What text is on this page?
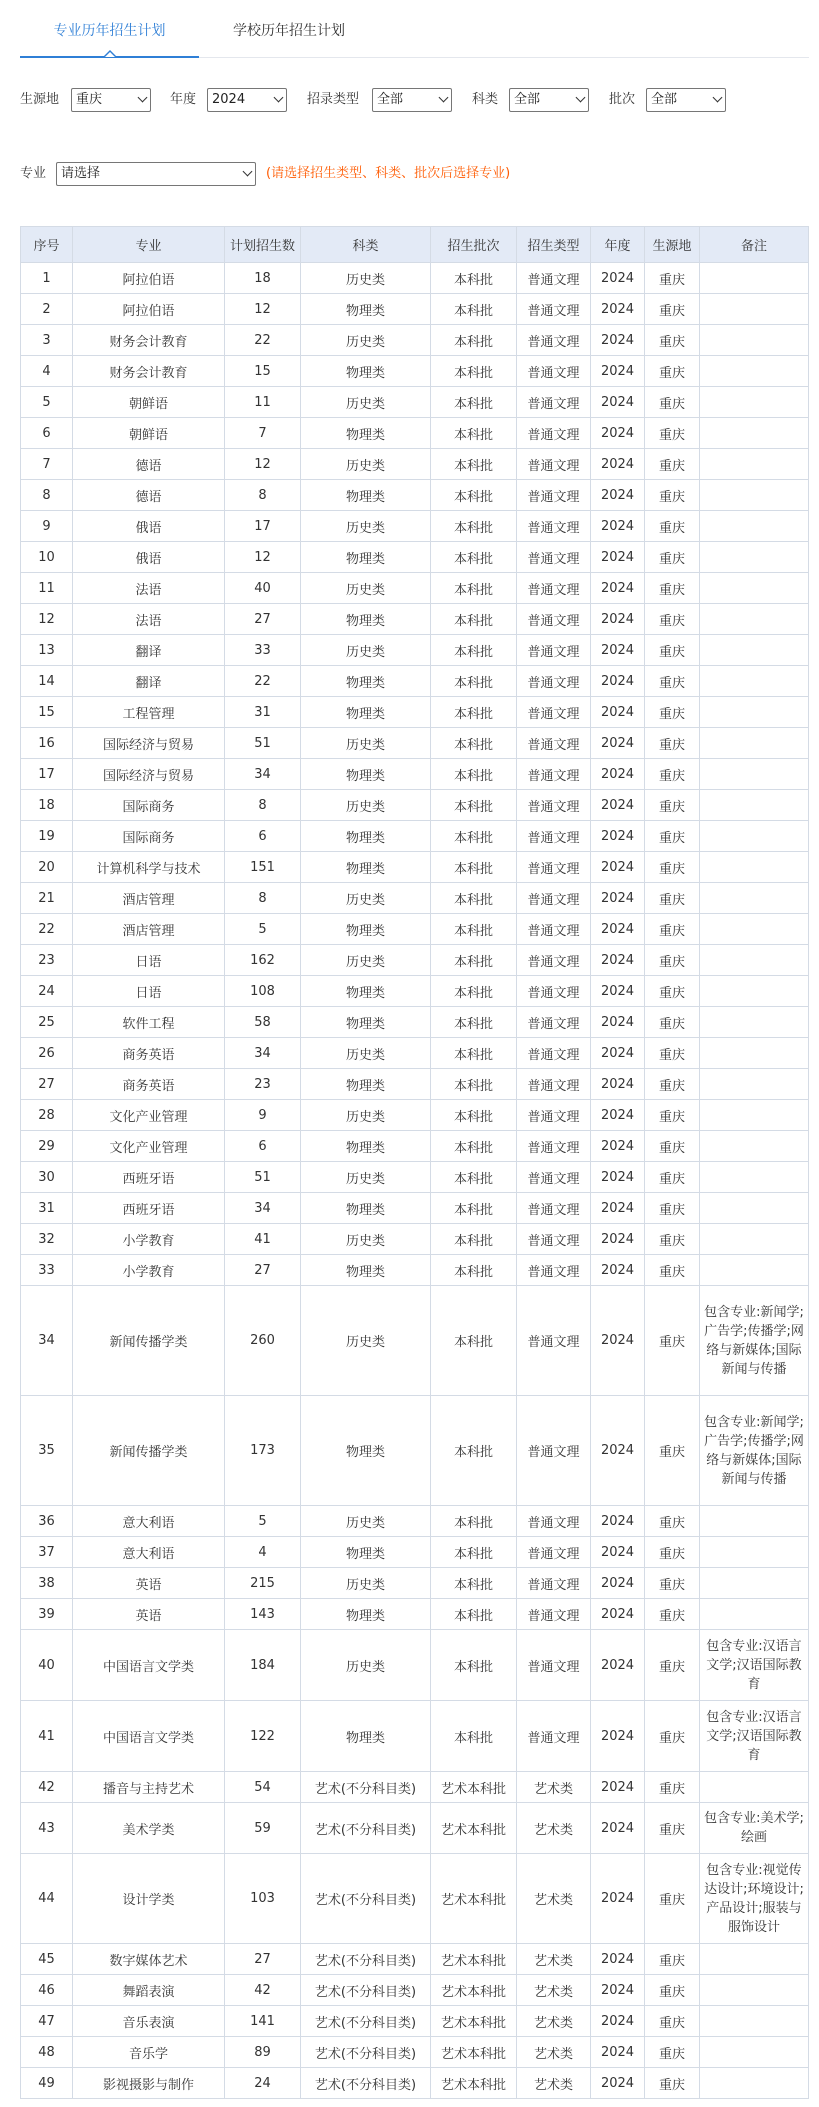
专业历年招生计划	学校历年招生计划
生源地	重庆	年度	2024	招录类型	全部	科类	全部	批次	全部
专业	请选择	(请选择招生类型、科类、批次后选择专业)
序号	专业	计划招生数	科类	招生批次	招生类型	年度	生源地	备注
1	阿拉伯语	18	历史类	本科批	普通文理	2024	重庆	
2	阿拉伯语	12	物理类	本科批	普通文理	2024	重庆	
3	财务会计教育	22	历史类	本科批	普通文理	2024	重庆	
4	财务会计教育	15	物理类	本科批	普通文理	2024	重庆	
5	朝鲜语	11	历史类	本科批	普通文理	2024	重庆	
6	朝鲜语	7	物理类	本科批	普通文理	2024	重庆	
7	德语	12	历史类	本科批	普通文理	2024	重庆	
8	德语	8	物理类	本科批	普通文理	2024	重庆	
9	俄语	17	历史类	本科批	普通文理	2024	重庆	
10	俄语	12	物理类	本科批	普通文理	2024	重庆	
11	法语	40	历史类	本科批	普通文理	2024	重庆	
12	法语	27	物理类	本科批	普通文理	2024	重庆	
13	翻译	33	历史类	本科批	普通文理	2024	重庆	
14	翻译	22	物理类	本科批	普通文理	2024	重庆	
15	工程管理	31	物理类	本科批	普通文理	2024	重庆	
16	国际经济与贸易	51	历史类	本科批	普通文理	2024	重庆	
17	国际经济与贸易	34	物理类	本科批	普通文理	2024	重庆	
18	国际商务	8	历史类	本科批	普通文理	2024	重庆	
19	国际商务	6	物理类	本科批	普通文理	2024	重庆	
20	计算机科学与技术	151	物理类	本科批	普通文理	2024	重庆	
21	酒店管理	8	历史类	本科批	普通文理	2024	重庆	
22	酒店管理	5	物理类	本科批	普通文理	2024	重庆	
23	日语	162	历史类	本科批	普通文理	2024	重庆	
24	日语	108	物理类	本科批	普通文理	2024	重庆	
25	软件工程	58	物理类	本科批	普通文理	2024	重庆	
26	商务英语	34	历史类	本科批	普通文理	2024	重庆	
27	商务英语	23	物理类	本科批	普通文理	2024	重庆	
28	文化产业管理	9	历史类	本科批	普通文理	2024	重庆	
29	文化产业管理	6	物理类	本科批	普通文理	2024	重庆	
30	西班牙语	51	历史类	本科批	普通文理	2024	重庆	
31	西班牙语	34	物理类	本科批	普通文理	2024	重庆	
32	小学教育	41	历史类	本科批	普通文理	2024	重庆	
33	小学教育	27	物理类	本科批	普通文理	2024	重庆	
34	新闻传播学类	260	历史类	本科批	普通文理	2024	重庆	包含专业:新闻学;广告学;传播学;网络与新媒体;国际新闻与传播
35	新闻传播学类	173	物理类	本科批	普通文理	2024	重庆	包含专业:新闻学;广告学;传播学;网络与新媒体;国际新闻与传播
36	意大利语	5	历史类	本科批	普通文理	2024	重庆	
37	意大利语	4	物理类	本科批	普通文理	2024	重庆	
38	英语	215	历史类	本科批	普通文理	2024	重庆	
39	英语	143	物理类	本科批	普通文理	2024	重庆	
40	中国语言文学类	184	历史类	本科批	普通文理	2024	重庆	包含专业:汉语言文学;汉语国际教育
41	中国语言文学类	122	物理类	本科批	普通文理	2024	重庆	包含专业:汉语言文学;汉语国际教育
42	播音与主持艺术	54	艺术(不分科目类)	艺术本科批	艺术类	2024	重庆	
43	美术学类	59	艺术(不分科目类)	艺术本科批	艺术类	2024	重庆	包含专业:美术学;绘画
44	设计学类	103	艺术(不分科目类)	艺术本科批	艺术类	2024	重庆	包含专业:视觉传达设计;环境设计;产品设计;服装与服饰设计
45	数字媒体艺术	27	艺术(不分科目类)	艺术本科批	艺术类	2024	重庆	
46	舞蹈表演	42	艺术(不分科目类)	艺术本科批	艺术类	2024	重庆	
47	音乐表演	141	艺术(不分科目类)	艺术本科批	艺术类	2024	重庆	
48	音乐学	89	艺术(不分科目类)	艺术本科批	艺术类	2024	重庆	
49	影视摄影与制作	24	艺术(不分科目类)	艺术本科批	艺术类	2024	重庆	
